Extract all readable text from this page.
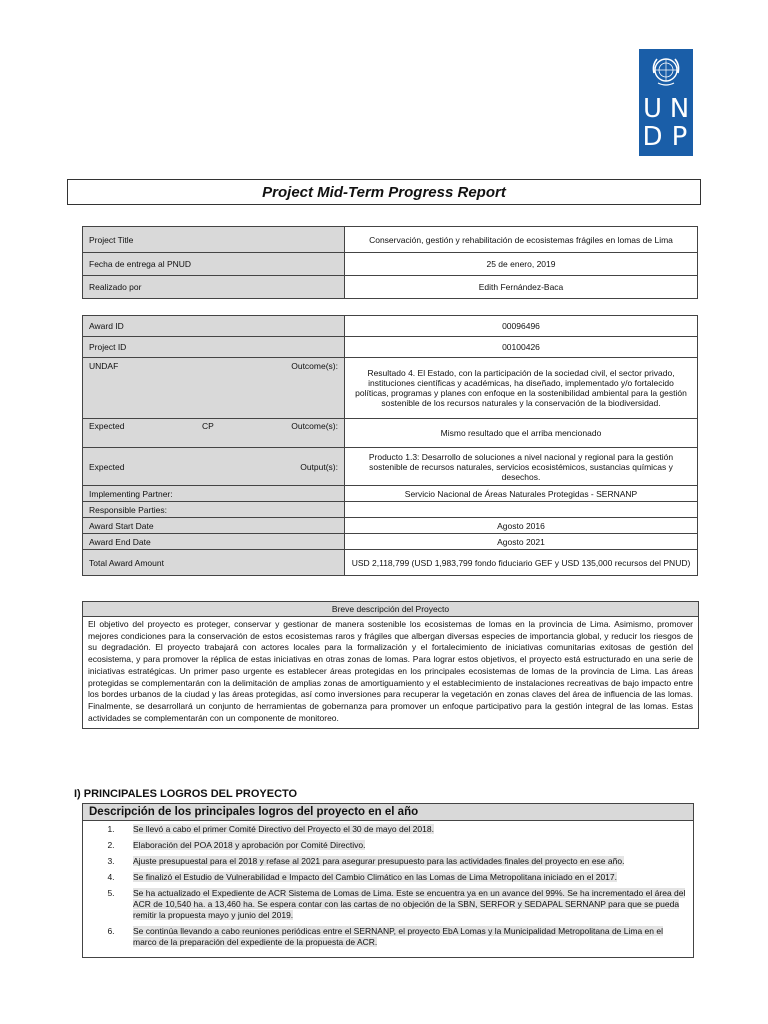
U N
D P
Project Mid-Term Progress Report
Project Title	Conservación, gestión y rehabilitación de ecosistemas frágiles en lomas de Lima
Fecha de entrega al PNUD	25 de enero, 2019
Realizado por	Edith Fernández-Baca
Award ID	00096496
Project ID	00100426

UNDAF Outcome(s):	Resultado 4. El Estado, con la participación de la sociedad civil, el sector privado, instituciones científicas y académicas, ha diseñado, implementado y/o fortalecido políticas, programas y planes con enfoque en la sostenibilidad ambiental para la gestión sostenible de los recursos naturales y la conservación de la biodiversidad.

Expected CP Outcome(s):	Mismo resultado que el arriba mencionado

Expected Output(s):	Producto 1.3: Desarrollo de soluciones a nivel nacional y regional para la gestión sostenible de recursos naturales, servicios ecosistémicos, sustancias químicas y desechos.
Implementing Partner:	Servicio Nacional de Áreas Naturales Protegidas - SERNANP
Responsible Parties:	
Award Start Date	Agosto 2016
Award End Date	Agosto 2021
Total Award Amount	USD 2,118,799 (USD 1,983,799 fondo fiduciario GEF y USD 135,000 recursos del PNUD)
Breve descripción del Proyecto
El objetivo del proyecto es proteger, conservar y gestionar de manera sostenible los ecosistemas de lomas en la provincia de Lima. Asimismo, promover mejores condiciones para la conservación de estos ecosistemas raros y frágiles que albergan diversas especies de importancia global, y reducir los riesgos de su degradación. El proyecto trabajará con actores locales para la formalización y el fortalecimiento de iniciativas comunitarias exitosas de gestión del ecosistema, y para promover la réplica de estas iniciativas en otras zonas de lomas. Para lograr estos objetivos, el proyecto está estructurado en una serie de iniciativas estratégicas. Un primer paso urgente es establecer áreas protegidas en los principales ecosistemas de lomas de la provincia de Lima. Las áreas protegidas se complementarán con la delimitación de amplias zonas de amortiguamiento y el establecimiento de instalaciones recreativas de bajo impacto entre los bordes urbanos de la ciudad y las áreas protegidas, así como inversiones para recuperar la vegetación en zonas claves del área de influencia de las lomas. Finalmente, se desarrollará un conjunto de herramientas de gobernanza para promover un enfoque participativo para la gestión integral de las lomas. Estas actividades se complementarán con un componente de monitoreo.
I) PRINCIPALES LOGROS DEL PROYECTO
Descripción de los principales logros del proyecto en el año
1.	Se llevó a cabo el primer Comité Directivo del Proyecto el 30 de mayo del 2018.
2.	Elaboración del POA 2018 y aprobación por Comité Directivo.
3.	Ajuste presupuestal para el 2018 y refase al 2021 para asegurar presupuesto para las actividades finales del proyecto en ese año.
4.	Se finalizó el Estudio de Vulnerabilidad e Impacto del Cambio Climático en las Lomas de Lima Metropolitana iniciado en el 2017.
5.	Se ha actualizado el Expediente de ACR Sistema de Lomas de Lima. Este se encuentra ya en un avance del 99%. Se ha incrementado el área del ACR de 10,540 ha. a 13,460 ha. Se espera contar con las cartas de no objeción de la SBN, SERFOR y SEDAPAL SERNANP para que se pueda remitir la propuesta mayo y junio del 2019.
6.	Se continúa llevando a cabo reuniones periódicas entre el SERNANP, el proyecto EbA Lomas y la Municipalidad Metropolitana de Lima en el marco de la preparación del expediente de la propuesta de ACR.
